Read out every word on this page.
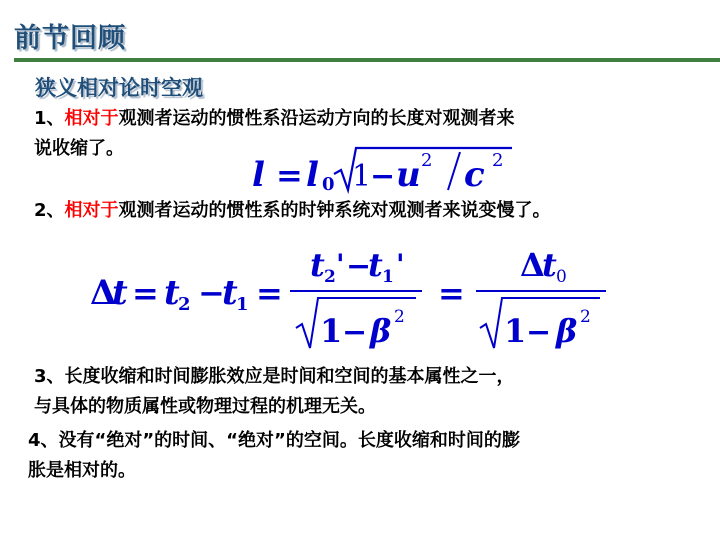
前节回顾
狭义相对论时空观
1、相对于观测者运动的惯性系沿运动方向的长度对观测者来
说收缩了。
l = l 0 1
− u 2 c 2
2、相对于观测者运动的惯性系的时钟系统对观测者来说变慢了。
Δ
t = t
2 −
t
1 =
t 2 ' −
t 1 '
1 − β 2
=
Δ
t 0
1 − β 2
3、长度收缩和时间膨胀效应是时间和空间的基本属性之一，
与具体的物质属性或物理过程的机理无关。
4、没有“绝对”的时间、“绝对”的空间。长度收缩和时间的膨
胀是相对的。
